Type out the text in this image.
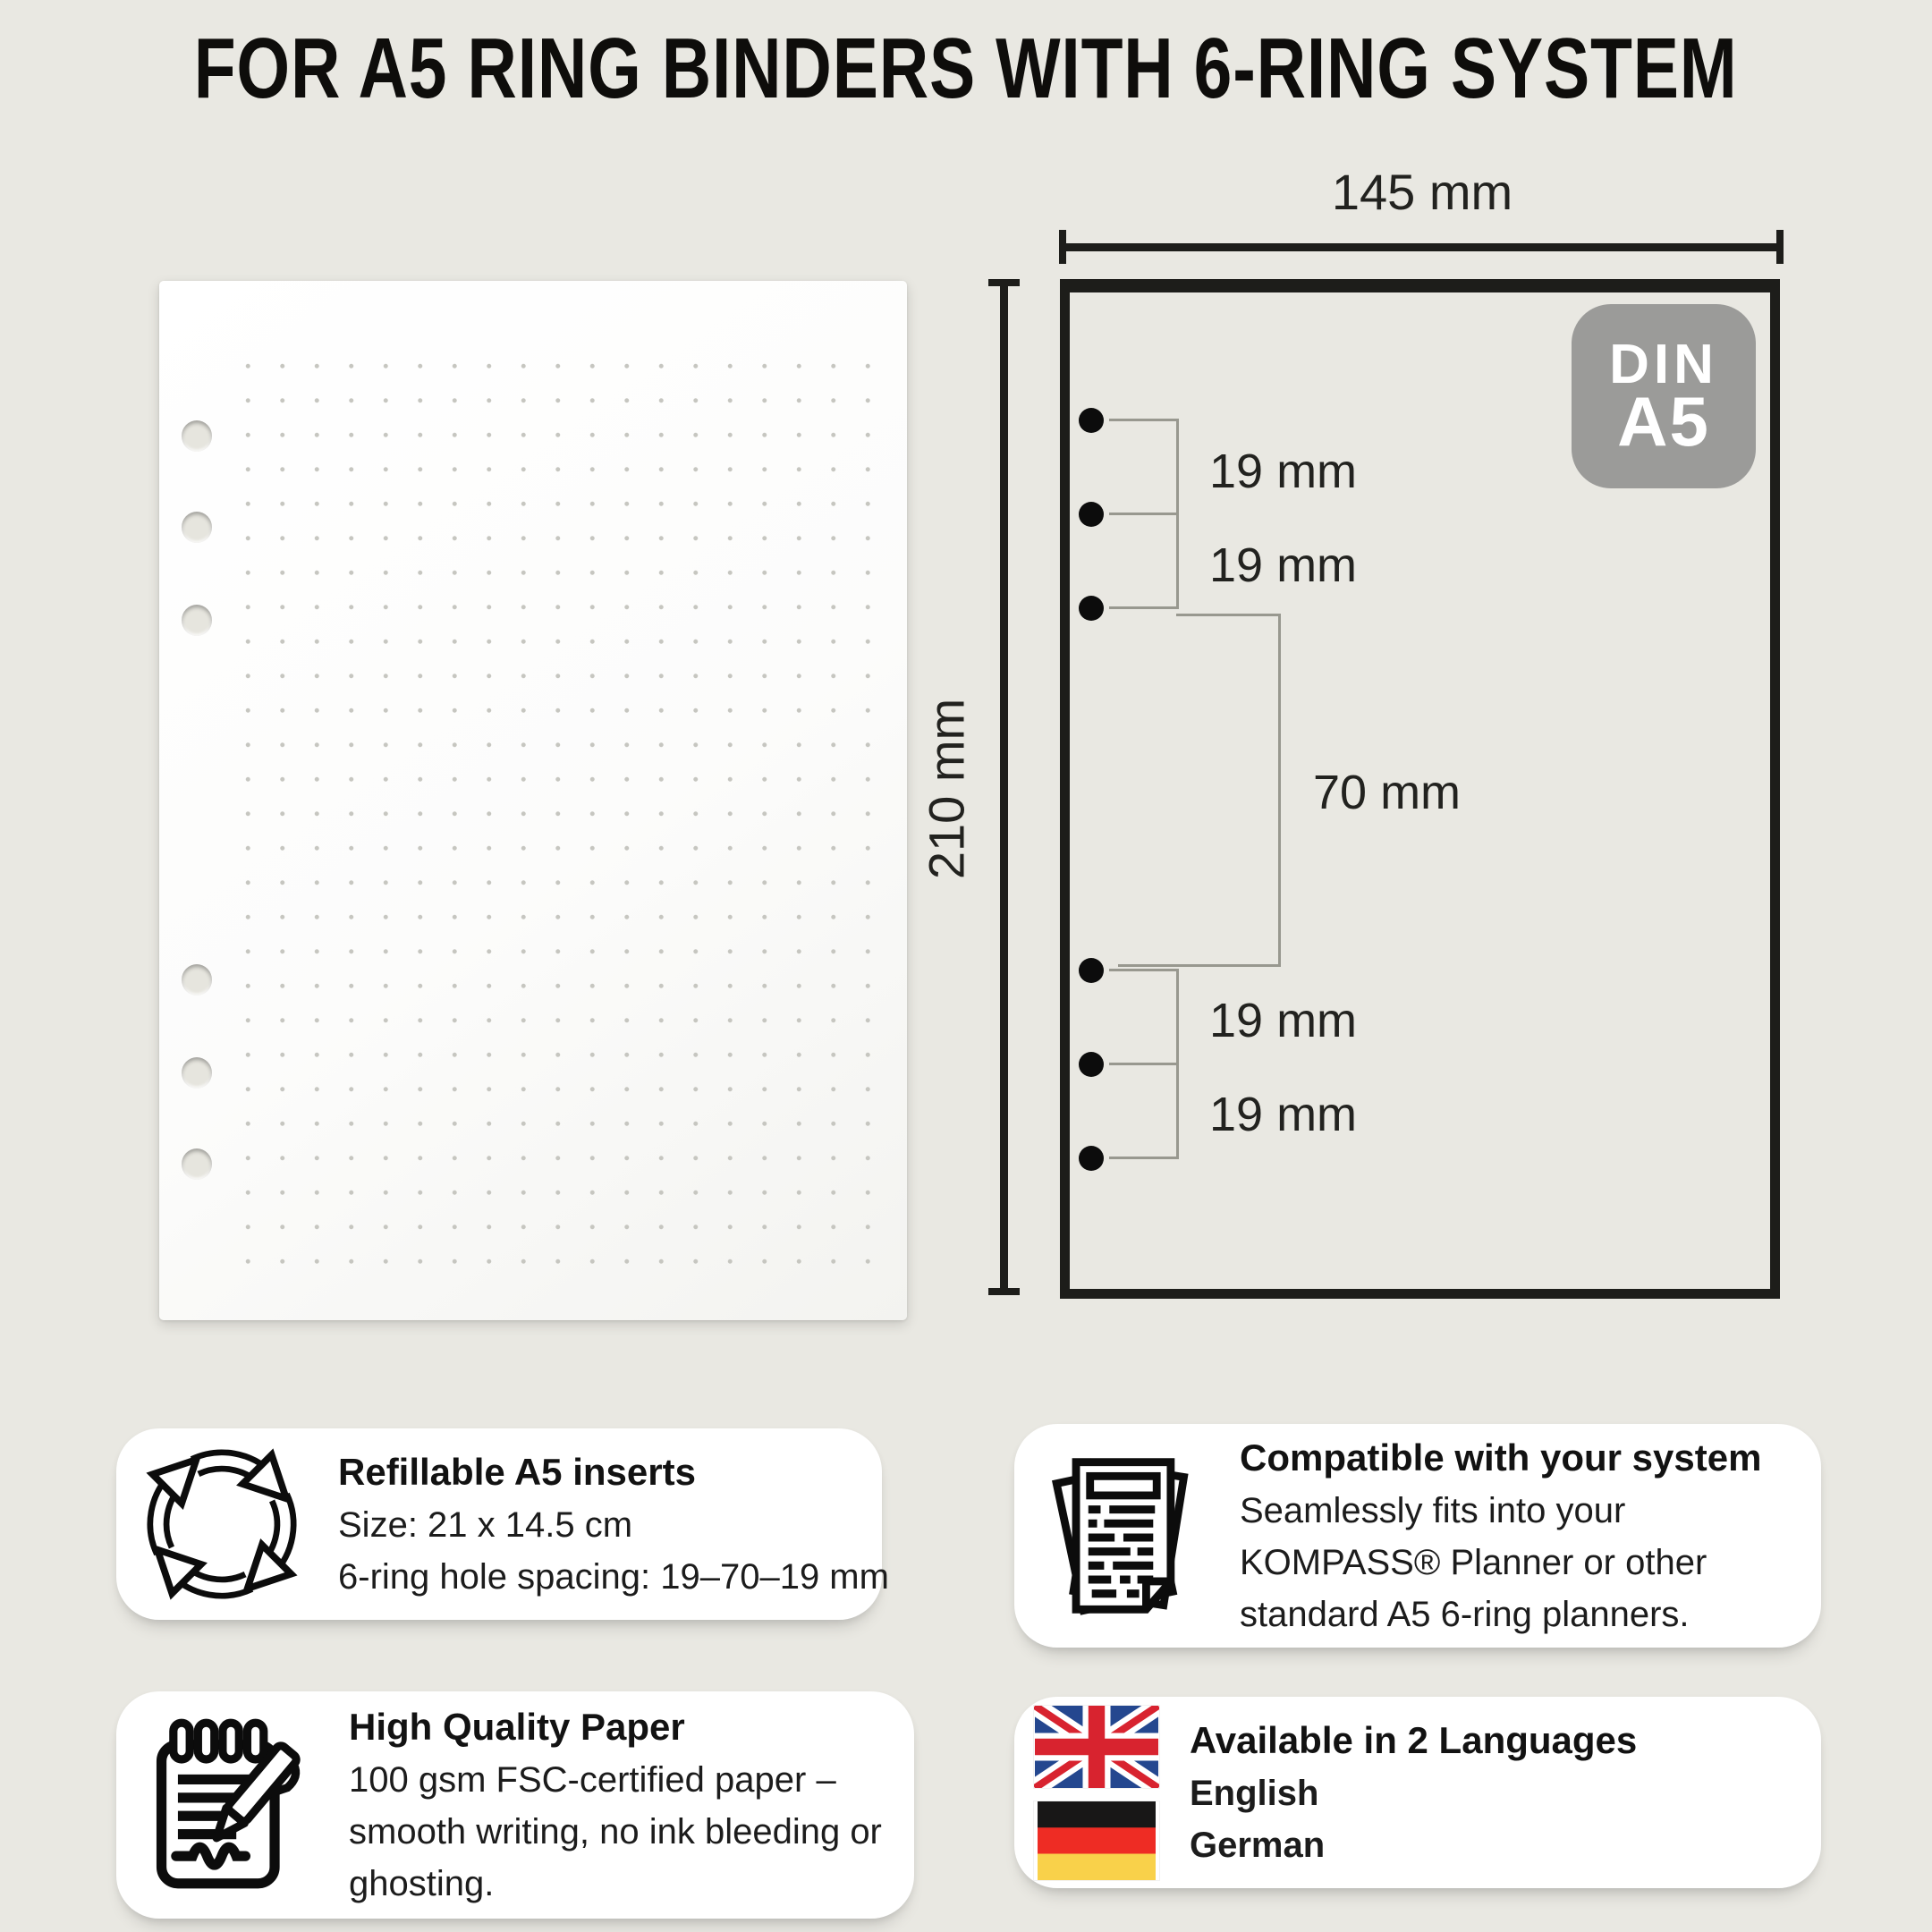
FOR A5 RING BINDERS WITH 6-RING SYSTEM
145 mm
210 mm
DIN
A5
19 mm
19 mm
70 mm
19 mm
19 mm
Refillable A5 inserts
Size: 21 x 14.5 cm
6-ring hole spacing: 19–70–19 mm
Compatible with your system
Seamlessly fits into your
KOMPASS® Planner or other
standard A5 6-ring planners.
High Quality Paper
100 gsm FSC-certified paper –
smooth writing, no ink bleeding or
ghosting.
Available in 2 Languages
English
German
